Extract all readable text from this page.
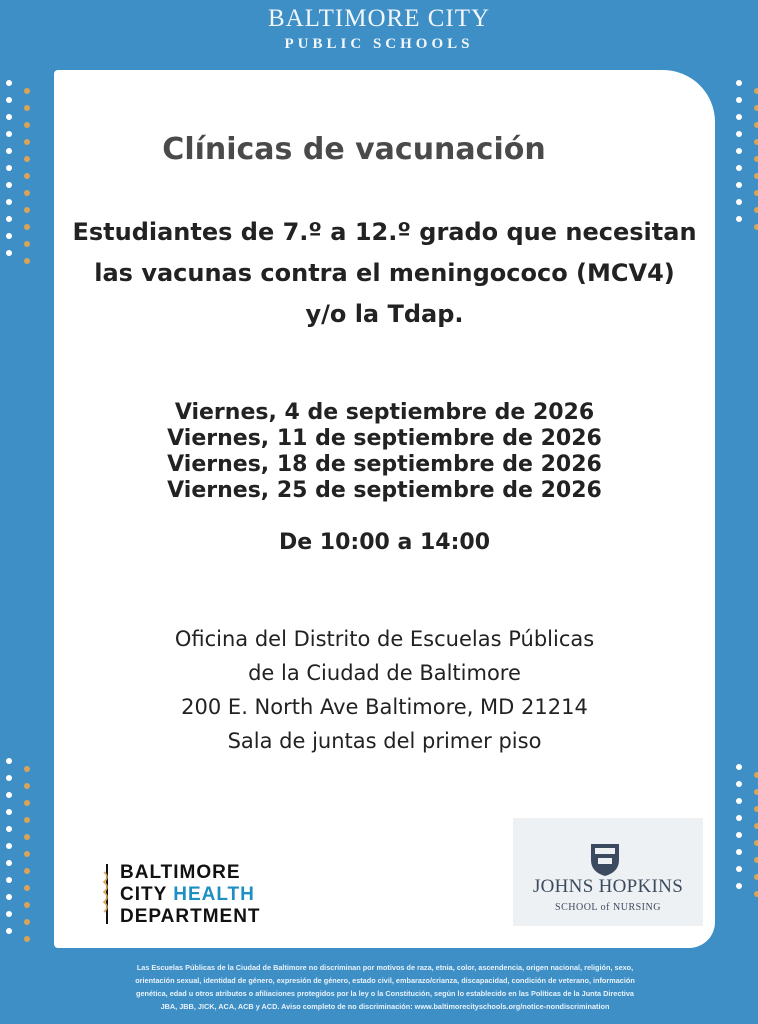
BALTIMORE CITY
PUBLIC SCHOOLS
Clínicas de vacunación
Estudiantes de 7.º a 12.º grado que necesitan
las vacunas contra el meningococo (MCV4)
y/o la Tdap.
Viernes, 4 de septiembre de 2026
Viernes, 11 de septiembre de 2026
Viernes, 18 de septiembre de 2026
Viernes, 25 de septiembre de 2026
De 10:00 a 14:00
Oficina del Distrito de Escuelas Públicas
de la Ciudad de Baltimore
200 E. North Ave Baltimore, MD 21214
Sala de juntas del primer piso
BALTIMORE
CITY HEALTH
DEPARTMENT
JOHNS HOPKINS
SCHOOL of NURSING
Las Escuelas Públicas de la Ciudad de Baltimore no discriminan por motivos de raza, etnia, color, ascendencia, origen nacional, religión, sexo,
orientación sexual, identidad de género, expresión de género, estado civil, embarazo/crianza, discapacidad, condición de veterano, información
genética, edad u otros atributos o afiliaciones protegidos por la ley o la Constitución, según lo establecido en las Políticas de la Junta Directiva
JBA, JBB, JICK, ACA, ACB y ACD. Aviso completo de no discriminación: www.baltimorecityschools.org/notice-nondiscrimination
